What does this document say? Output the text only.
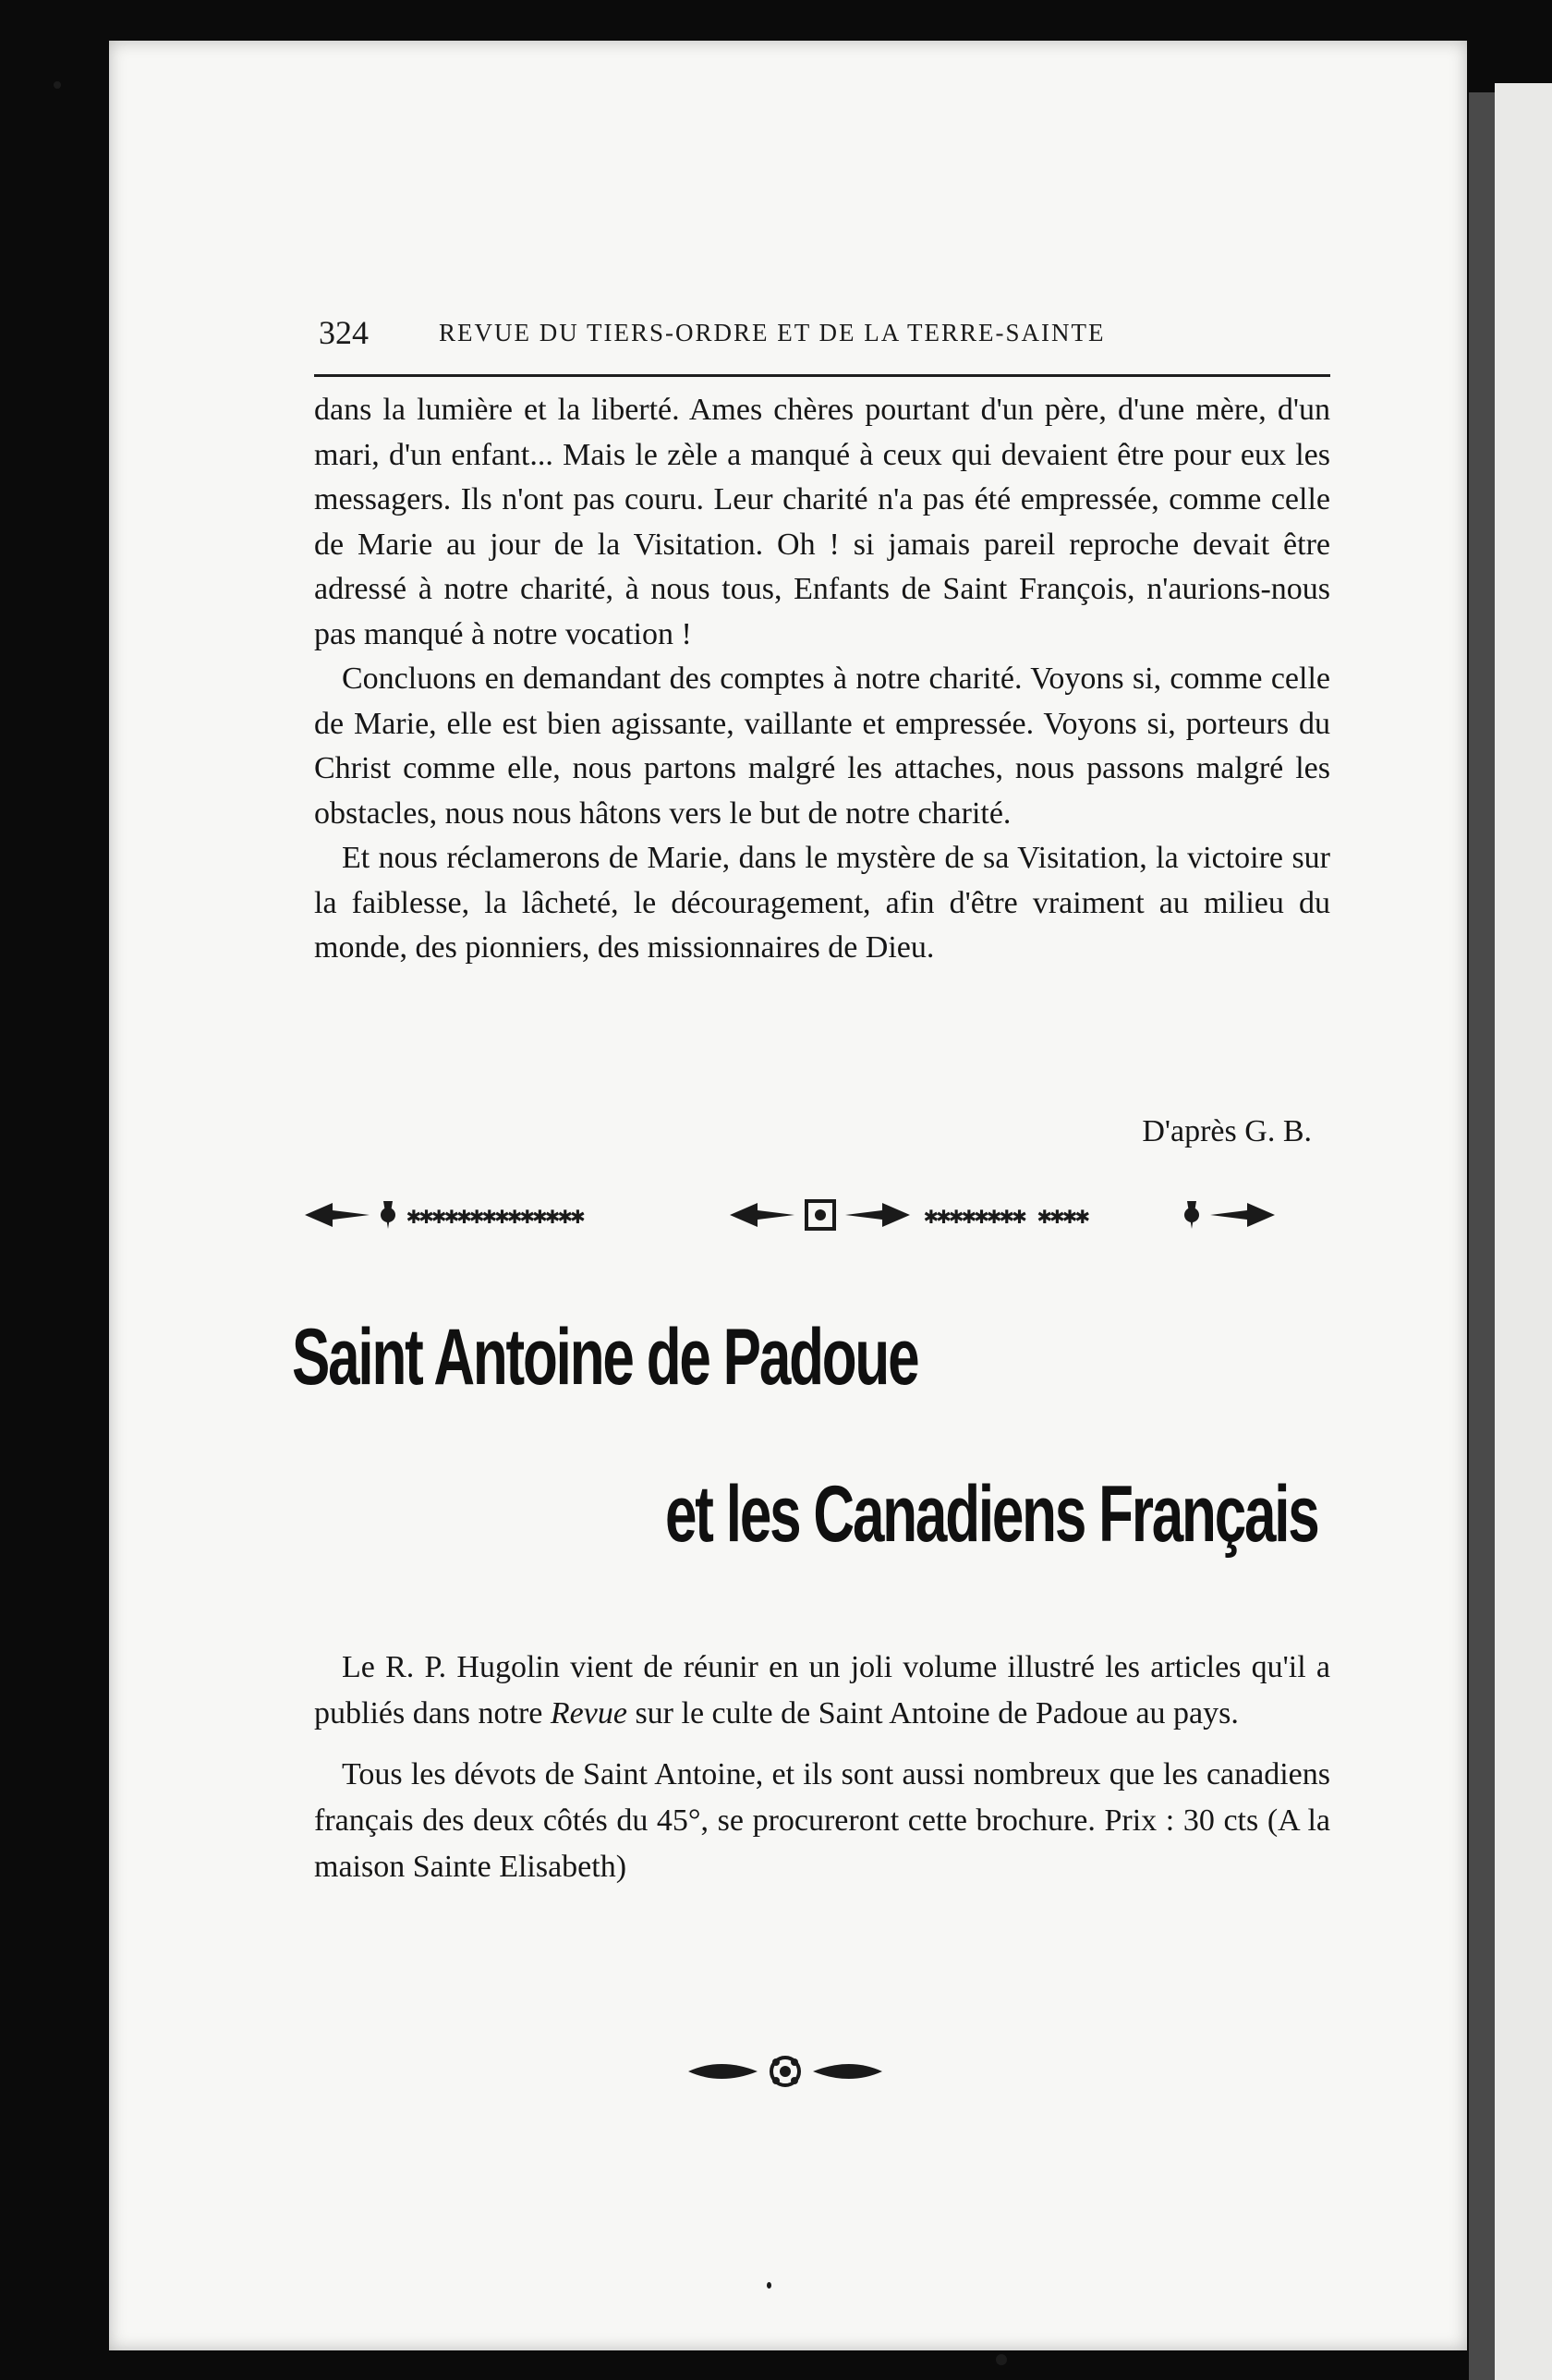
324	REVUE DU TIERS-ORDRE ET DE LA TERRE-SAINTE

dans la lumière et la liberté. Ames chères pourtant d'un père, d'une mère, d'un mari, d'un enfant... Mais le zèle a manqué à ceux qui devaient être pour eux les messagers. Ils n'ont pas couru. Leur charité n'a pas été empressée, comme celle de Marie au jour de la Visitation. Oh ! si jamais pareil reproche devait être adressé à notre charité, à nous tous, Enfants de Saint François, n'aurions-nous pas manqué à notre vocation !

Concluons en demandant des comptes à notre charité. Voyons si, comme celle de Marie, elle est bien agissante, vaillante et empressée. Voyons si, porteurs du Christ comme elle, nous partons malgré les attaches, nous passons malgré les obstacles, nous nous hâtons vers le but de notre charité.

Et nous réclamerons de Marie, dans le mystère de sa Visitation, la victoire sur la faiblesse, la lâcheté, le découragement, afin d'être vraiment au milieu du monde, des pionniers, des missionnaires de Dieu.

D'après G. B.
✱✱✱✱✱✱✱✱✱✱✱✱✱✱	✱✱✱✱✱✱✱✱ ✱✱✱✱
Saint Antoine de Padoue
et les Canadiens Français

Le R. P. Hugolin vient de réunir en un joli volume illustré les articles qu'il a publiés dans notre Revue sur le culte de Saint Antoine de Padoue au pays.

Tous les dévots de Saint Antoine, et ils sont aussi nombreux que les canadiens français des deux côtés du 45°, se procureront cette brochure. Prix : 30 cts (A la maison Sainte Elisabeth)
